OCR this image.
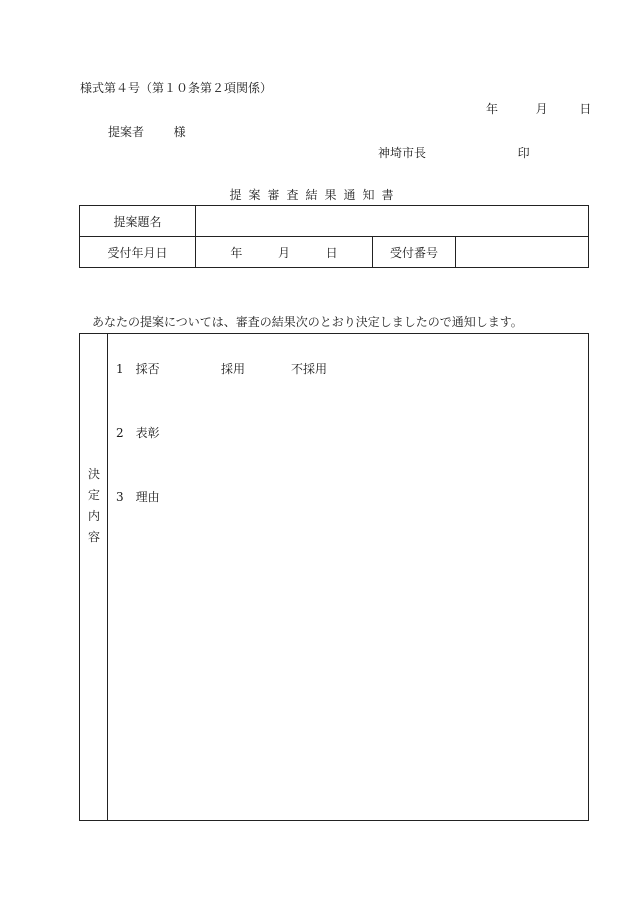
様式第４号（第１０条第２項関係）
年	月	日
提案者 様
神埼市長	印
提案審査結果通知書
提案題名			
受付年月日	年 月 日	受付番号	
あなたの提案については、審査の結果次のとおり決定しましたので通知します。
決
定
内
容
1　採否	採用	不採用
2　表彰
3　理由
